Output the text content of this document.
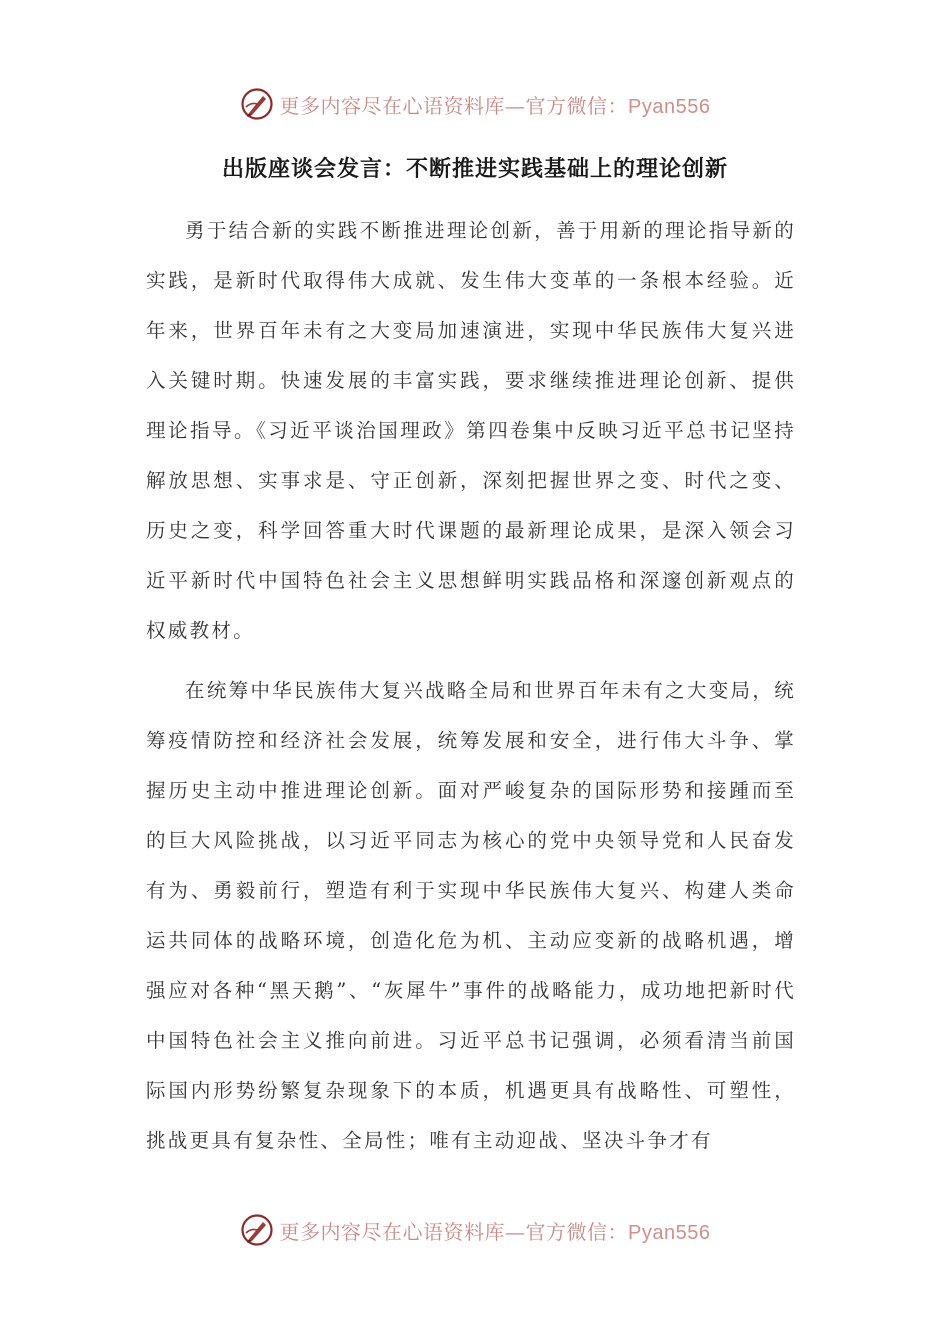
更多内容尽在心语资料库—官方微信：Pyan556
出版座谈会发言：不断推进实践基础上的理论创新

勇于结合新的实践不断推进理论创新，善于用新的理论指导新的实践，是新时代取得伟大成就、发生伟大变革的一条根本经验。近年来，世界百年未有之大变局加速演进，实现中华民族伟大复兴进入关键时期。快速发展的丰富实践，要求继续推进理论创新、提供理论指导。《习近平谈治国理政》第四卷集中反映习近平总书记坚持解放思想、实事求是、守正创新，深刻把握世界之变、时代之变、历史之变，科学回答重大时代课题的最新理论成果，是深入领会习近平新时代中国特色社会主义思想鲜明实践品格和深邃创新观点的权威教材。

在统筹中华民族伟大复兴战略全局和世界百年未有之大变局，统筹疫情防控和经济社会发展，统筹发展和安全，进行伟大斗争、掌握历史主动中推进理论创新。面对严峻复杂的国际形势和接踵而至的巨大风险挑战，以习近平同志为核心的党中央领导党和人民奋发有为、勇毅前行，塑造有利于实现中华民族伟大复兴、构建人类命运共同体的战略环境，创造化危为机、主动应变新的战略机遇，增强应对各种“黑天鹅”、“灰犀牛”事件的战略能力，成功地把新时代中国特色社会主义推向前进。习近平总书记强调，必须看清当前国际国内形势纷繁复杂现象下的本质，机遇更具有战略性、可塑性，挑战更具有复杂性、全局性；唯有主动迎战、坚决斗争才有

更多内容尽在心语资料库—官方微信：Pyan556
